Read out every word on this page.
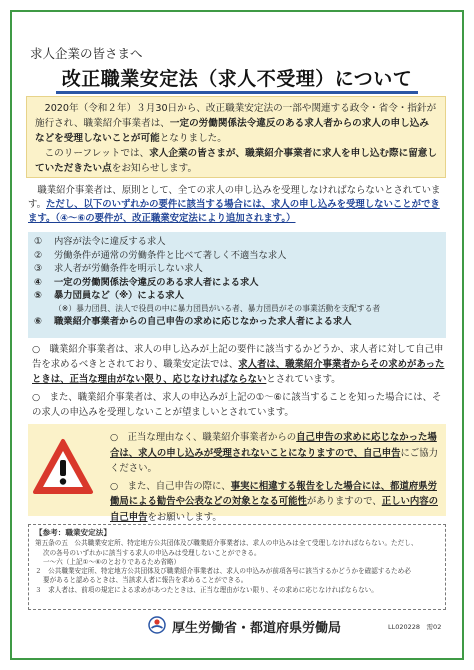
求人企業の皆さまへ
改正職業安定法（求人不受理）について

2020年（令和２年）３月30日から、改正職業安定法の一部や関連する政令・省令・指針が施行され、職業紹介事業者は、一定の労働関係法令違反のある求人者からの求人の申し込みなどを受理しないことが可能となりました。

このリーフレットでは、求人企業の皆さまが、職業紹介事業者に求人を申し込む際に留意していただきたい点をお知らせします。

職業紹介事業者は、原則として、全ての求人の申し込みを受理しなければならないとされています。ただし、以下のいずれかの要件に該当する場合には、求人の申し込みを受理しないことができます。（④～⑥の要件が、改正職業安定法により追加されます。）

①	内容が法令に違反する求人
②	労働条件が通常の労働条件と比べて著しく不適当な求人
③	求人者が労働条件を明示しない求人
④	一定の労働関係法令違反のある求人者による求人
⑤	暴力団員など（※）による求人
（※）暴力団員、法人で役員の中に暴力団員がいる者、暴力団員がその事業活動を支配する者
⑥	職業紹介事業者からの自己申告の求めに応じなかった求人者による求人

○　 職業紹介事業者は、求人の申し込みが上記の要件に該当するかどうか、求人者に対して自己申告を求めるべきとされており、職業安定法では、求人者は、職業紹介事業者からその求めがあったときは、正当な理由がない限り、応じなければならないとされています。

○　 また、職業紹介事業者は、求人の申込みが上記の①～⑥に該当することを知った場合には、その求人の申込みを受理しないことが望ましいとされています。

○　 正当な理由なく、職業紹介事業者からの自己申告の求めに応じなかった場合は、求人の申し込みが受理されないことになりますので、自己申告にご協力ください。

○　 また、自己申告の際に、事実に相違する報告をした場合には、都道府県労働局による勧告や公表などの対象となる可能性がありますので、正しい内容の自己申告をお願いします。

【参考：職業安定法】

第五条の五　公共職業安定所、特定地方公共団体及び職業紹介事業者は、求人の申込みは全て受理しなければならない。ただし、

次の各号のいずれかに該当する求人の申込みは受理しないことができる。

一～六（上記①～⑥のとおりであるため省略）

２　公共職業安定所、特定地方公共団体及び職業紹介事業者は、求人の申込みが前項各号に該当するかどうかを確認するため必

要があると認めるときは、当該求人者に報告を求めることができる。

３　求人者は、前項の規定による求めがあつたときは、正当な理由がない限り、その求めに応じなければならない。

厚生労働省・都道府県労働局	LL020228　需02
